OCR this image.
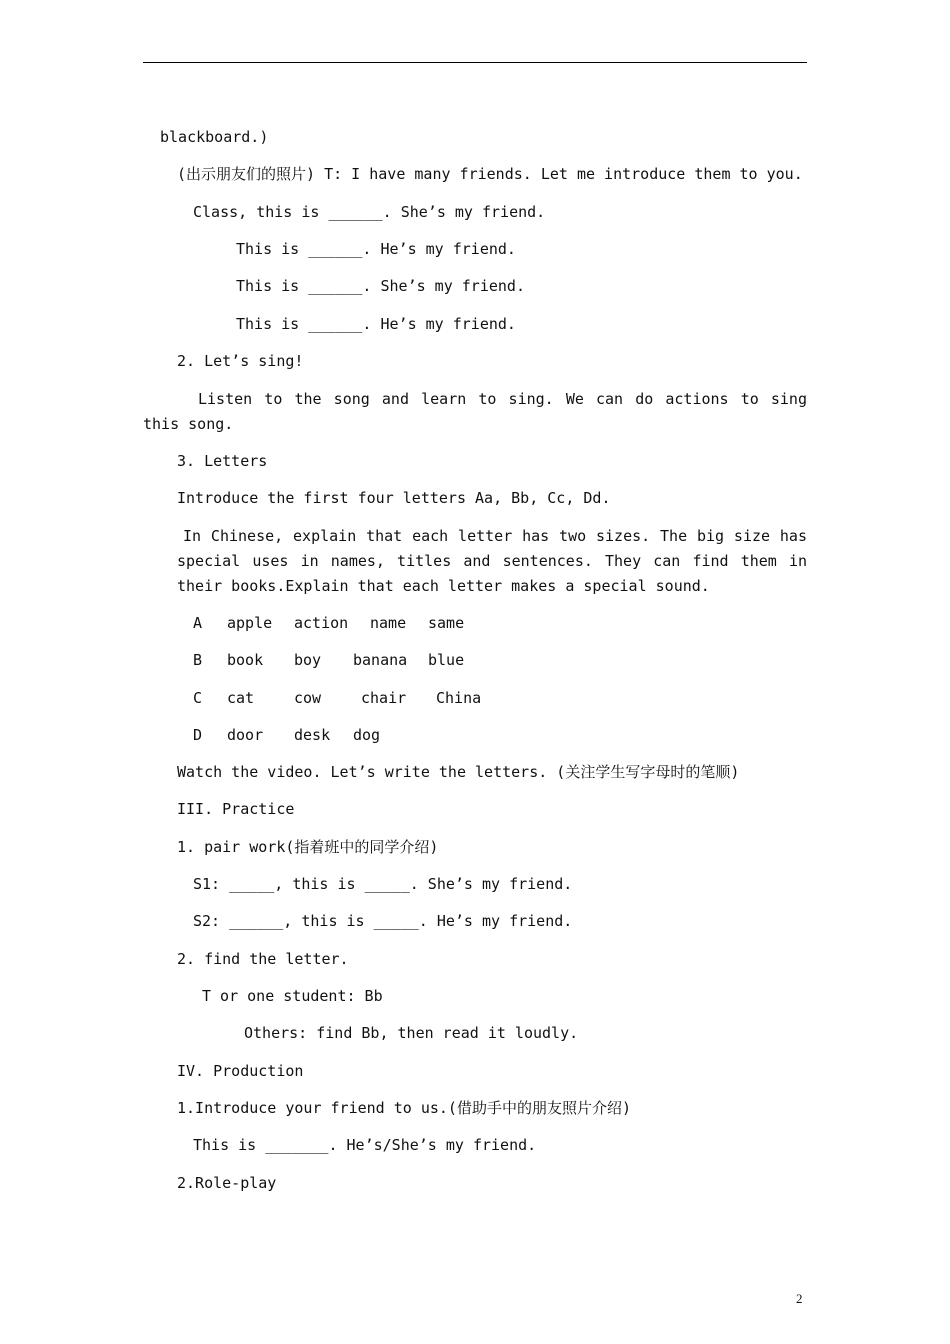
blackboard.)
(出示朋友们的照片) T: I have many friends. Let me introduce them to you.
Class, this is ______. She’s my friend.
This is ______. He’s my friend.
This is ______. She’s my friend.
This is ______. He’s my friend.
2. Let’s sing!
Listen to the song and learn to sing. We can do actions to sing this song.
3. Letters
Introduce the first four letters Aa, Bb, Cc, Dd.
In Chinese, explain that each letter has two sizes. The big size has special uses in names, titles and sentences. They can find them in their books.Explain that each letter makes a special sound.
A apple action name same
B book boy banana blue
C cat	cow	chair China
D door desk dog
Watch the video. Let’s write the letters. (关注学生写字母时的笔顺)
III. Practice
1. pair work(指着班中的同学介绍)
S1: _____, this is _____. She’s my friend.
S2: ______, this is _____. He’s my friend.
2. find the letter.
T or one student: Bb
Others: find Bb, then read it loudly.
IV. Production
1.Introduce your friend to us.(借助手中的朋友照片介绍)
This is _______. He’s/She’s my friend.
2.Role-play
2
